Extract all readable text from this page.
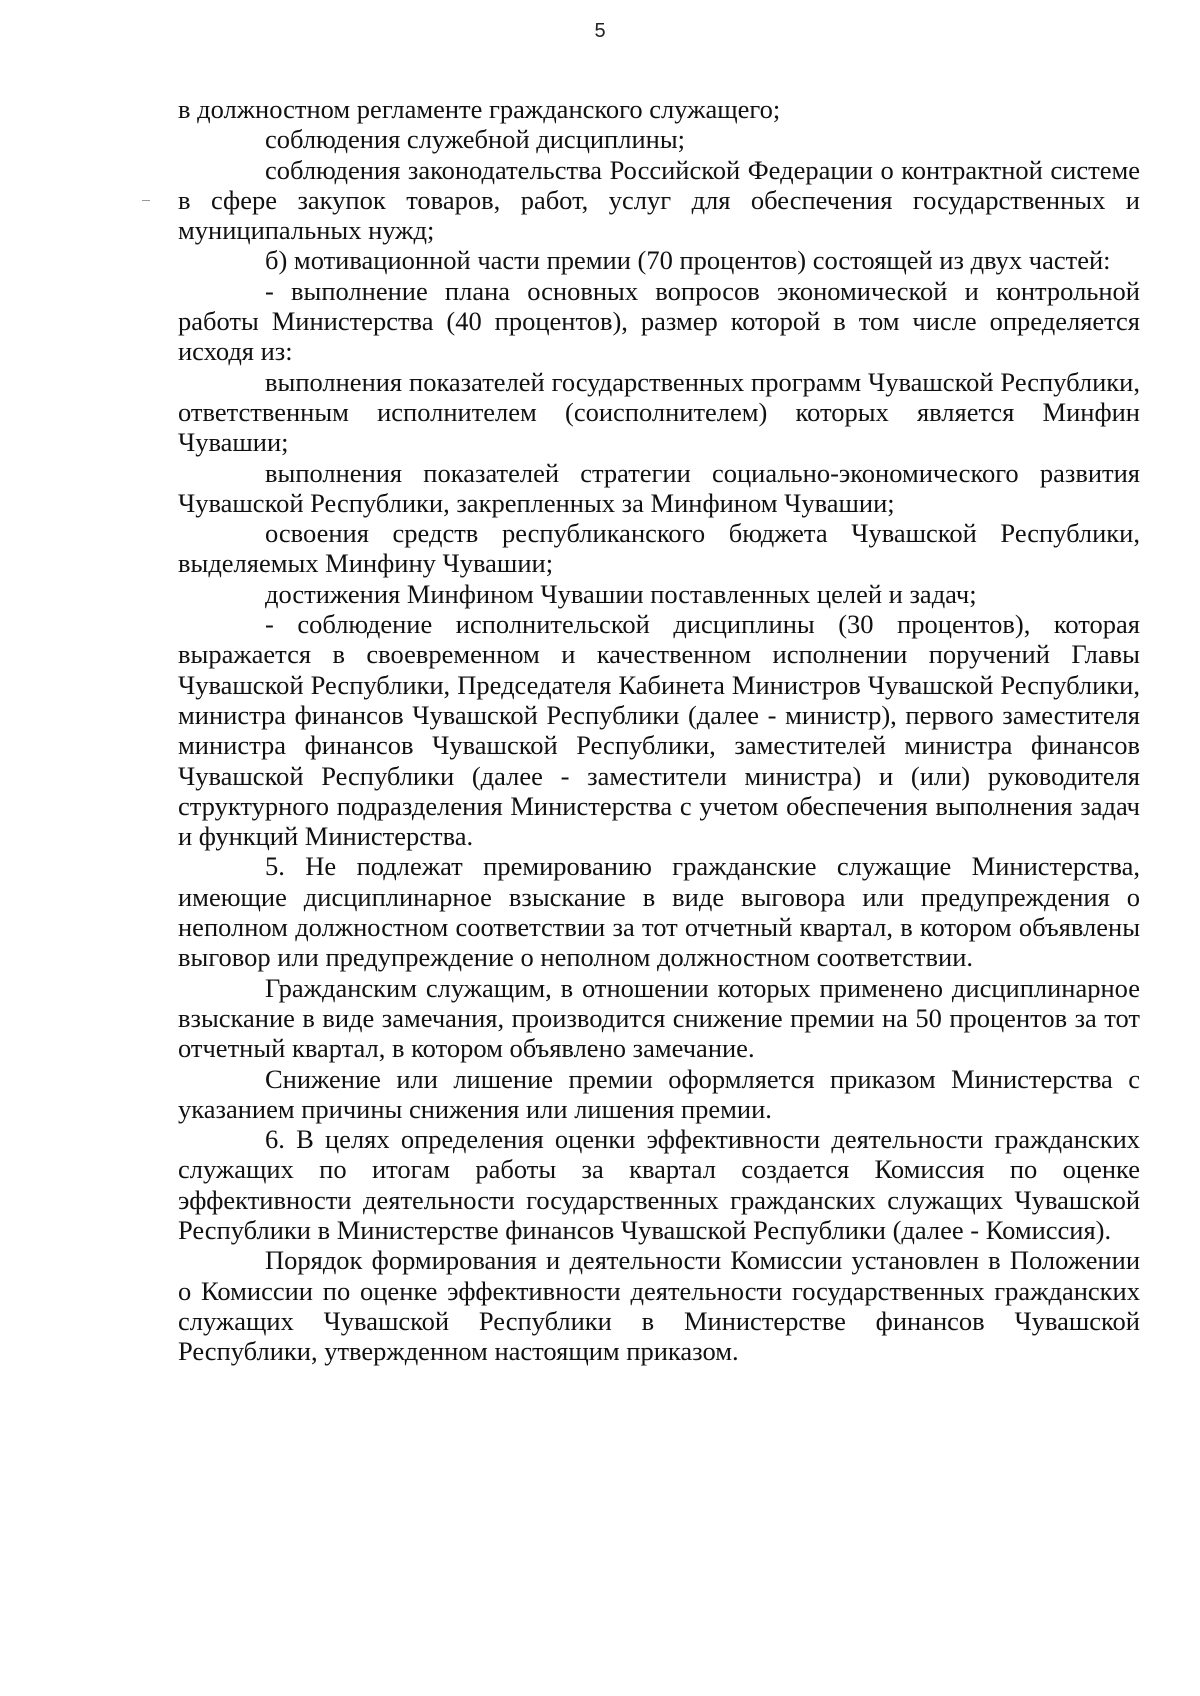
5

в должностном регламенте гражданского служащего;

соблюдения служебной дисциплины;

соблюдения законодательства Российской Федерации о контрактной системе в сфере закупок товаров, работ, услуг для обеспечения государственных и муниципальных нужд;

б) мотивационной части премии (70 процентов) состоящей из двух частей:

- выполнение плана основных вопросов экономической и контрольной работы Министерства (40 процентов), размер которой в том числе определяется исходя из:

выполнения показателей государственных программ Чувашской Республики, ответственным исполнителем (соисполнителем) которых является Минфин Чувашии;

выполнения показателей стратегии социально-экономического развития Чувашской Республики, закрепленных за Минфином Чувашии;

освоения средств республиканского бюджета Чувашской Республики, выделяемых Минфину Чувашии;

достижения Минфином Чувашии поставленных целей и задач;

- соблюдение исполнительской дисциплины (30 процентов), которая выражается в своевременном и качественном исполнении поручений Главы Чувашской Республики, Председателя Кабинета Министров Чувашской Республики, министра финансов Чувашской Республики (далее - министр), первого заместителя министра финансов Чувашской Республики, заместителей министра финансов Чувашской Республики (далее - заместители министра) и (или) руководителя структурного подразделения Министерства с учетом обеспечения выполнения задач и функций Министерства.

5. Не подлежат премированию гражданские служащие Министерства, имеющие дисциплинарное взыскание в виде выговора или предупреждения о неполном должностном соответствии за тот отчетный квартал, в котором объявлены выговор или предупреждение о неполном должностном соответствии.

Гражданским служащим, в отношении которых применено дисциплинарное взыскание в виде замечания, производится снижение премии на 50 процентов за тот отчетный квартал, в котором объявлено замечание.

Снижение или лишение премии оформляется приказом Министерства с указанием причины снижения или лишения премии.

6. В целях определения оценки эффективности деятельности гражданских служащих по итогам работы за квартал создается Комиссия по оценке эффективности деятельности государственных гражданских служащих Чувашской Республики в Министерстве финансов Чувашской Республики (далее - Комиссия).

Порядок формирования и деятельности Комиссии установлен в Положении о Комиссии по оценке эффективности деятельности государственных гражданских служащих Чувашской Республики в Министерстве финансов Чувашской Республики, утвержденном настоящим приказом.
